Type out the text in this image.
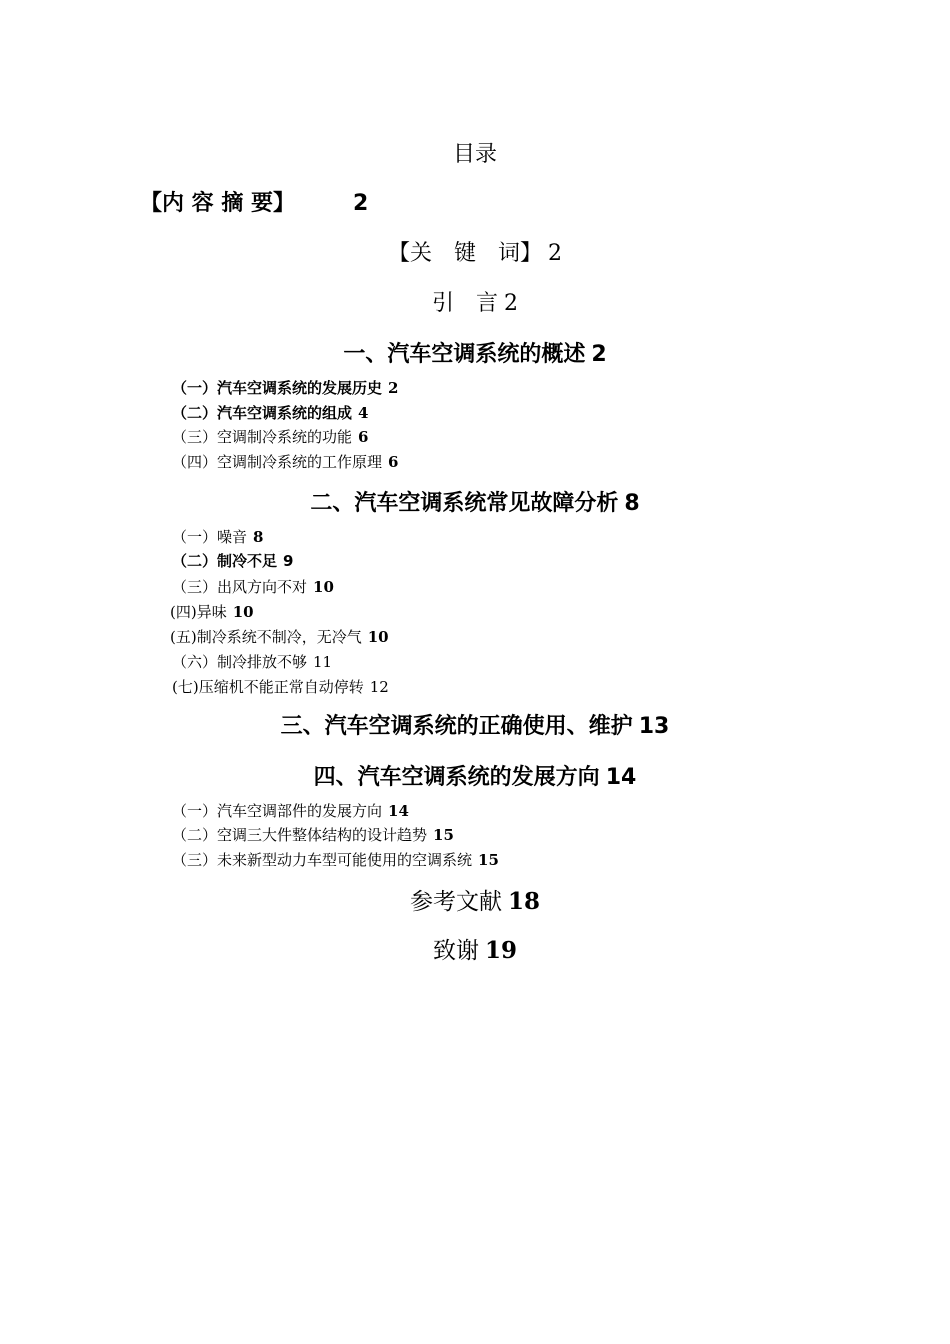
目录
【内 容 摘 要】	2
【关　键　词】 2
引　言 2
一、汽车空调系统的概述 2
（一）汽车空调系统的发展历史 2
（二）汽车空调系统的组成 4
（三）空调制冷系统的功能 6
（四）空调制冷系统的工作原理 6
二、汽车空调系统常见故障分析 8
（一）噪音 8
（二）制冷不足 9
（三）出风方向不对 10
(四)异味 10
(五)制冷系统不制冷，无冷气 10
（六）制冷排放不够 11
(七)压缩机不能正常自动停转 12
三、汽车空调系统的正确使用、维护 13
四、汽车空调系统的发展方向 14
（一）汽车空调部件的发展方向 14
（二）空调三大件整体结构的设计趋势 15
（三）未来新型动力车型可能使用的空调系统 15
参考文献 18
致谢 19
